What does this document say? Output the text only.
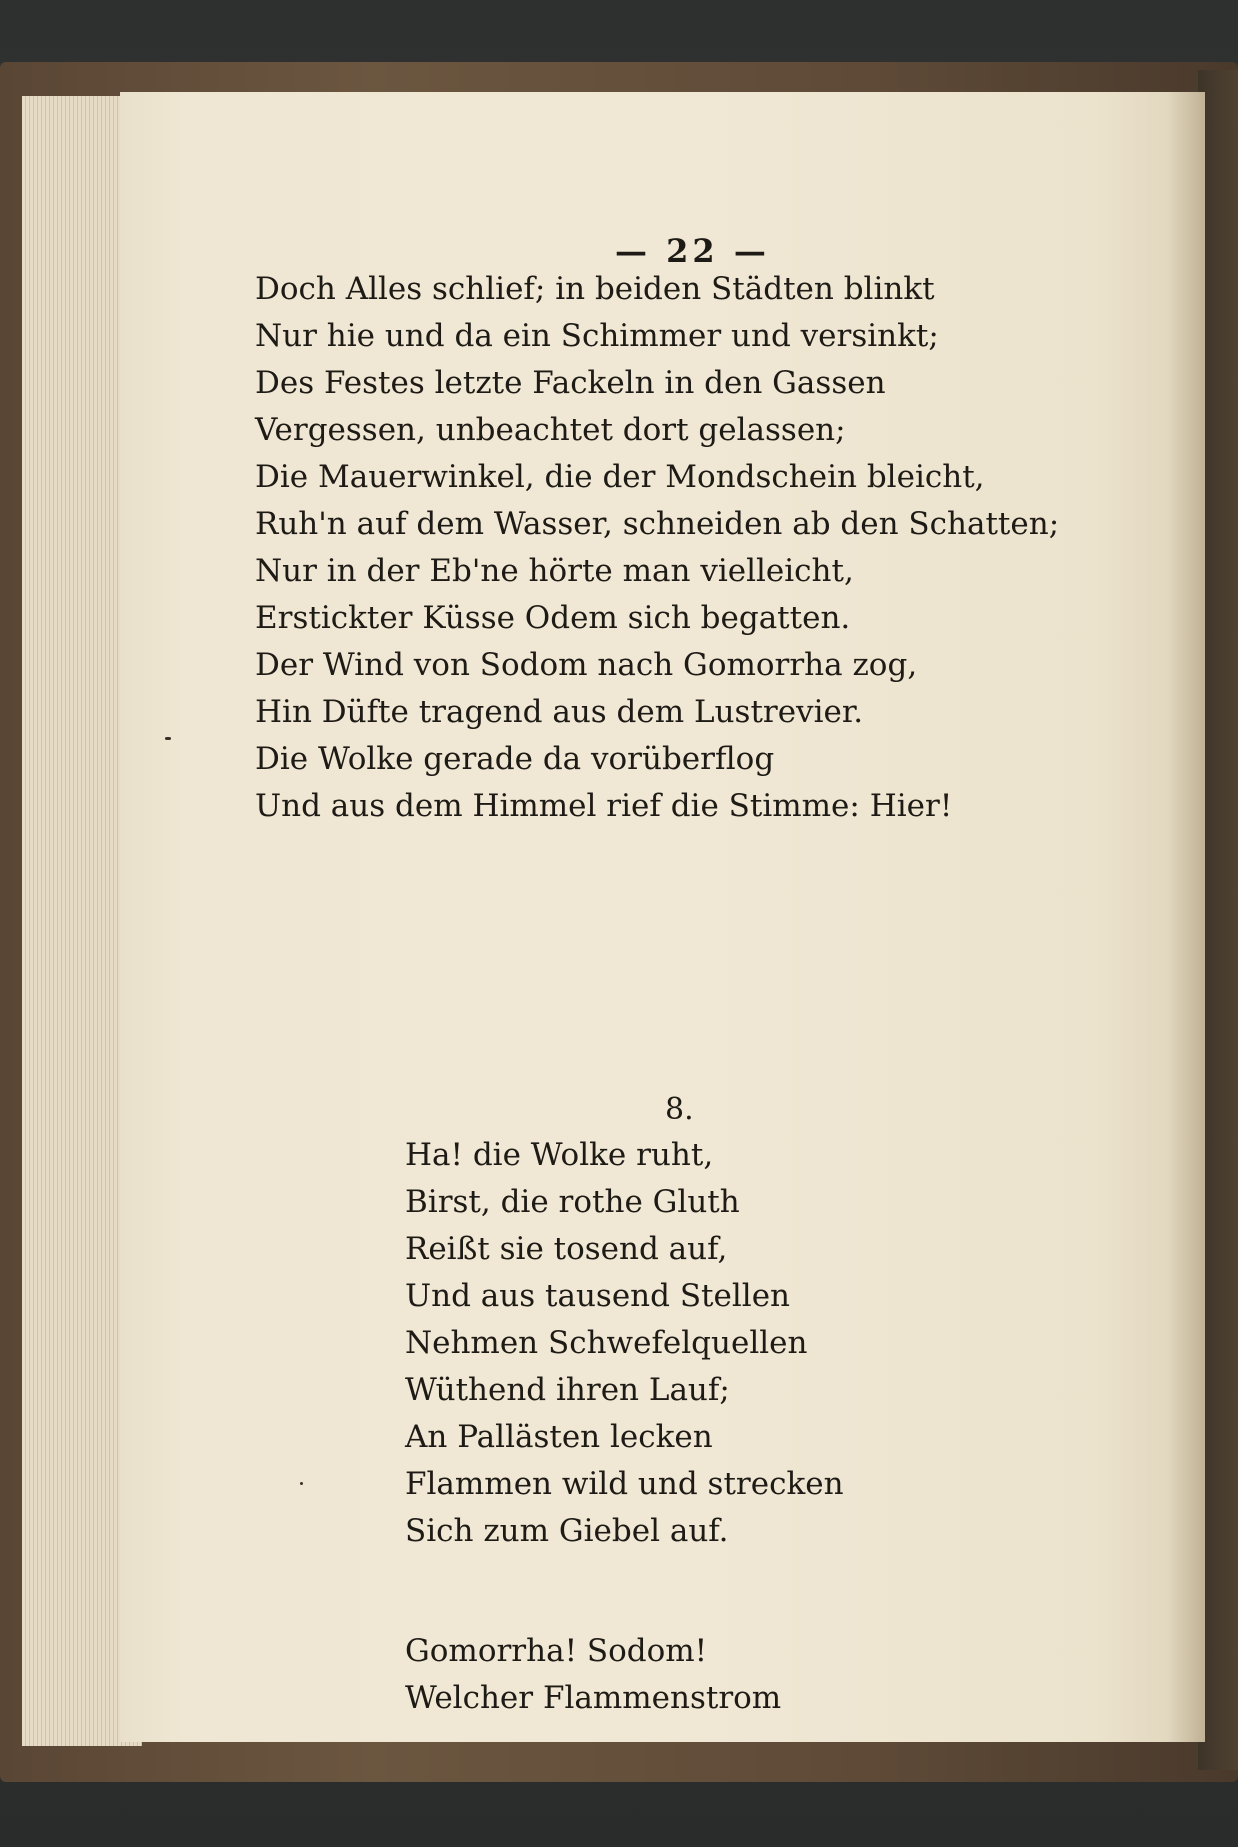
— 22 —
Doch Alles schlief; in beiden Städten blinkt
Nur hie und da ein Schimmer und versinkt;
Des Festes letzte Fackeln in den Gassen
Vergessen, unbeachtet dort gelassen;
Die Mauerwinkel, die der Mondschein bleicht,
Ruh'n auf dem Wasser, schneiden ab den Schatten;
Nur in der Eb'ne hörte man vielleicht,
Erstickter Küsse Odem sich begatten.
Der Wind von Sodom nach Gomorrha zog,
Hin Düfte tragend aus dem Lustrevier.
Die Wolke gerade da vorüberflog
Und aus dem Himmel rief die Stimme: Hier!
8.
Ha! die Wolke ruht,
Birst, die rothe Gluth
Reißt sie tosend auf,
Und aus tausend Stellen
Nehmen Schwefelquellen
Wüthend ihren Lauf;
An Pallästen lecken
Flammen wild und strecken
Sich zum Giebel auf.
Gomorrha! Sodom!
Welcher Flammenstrom
